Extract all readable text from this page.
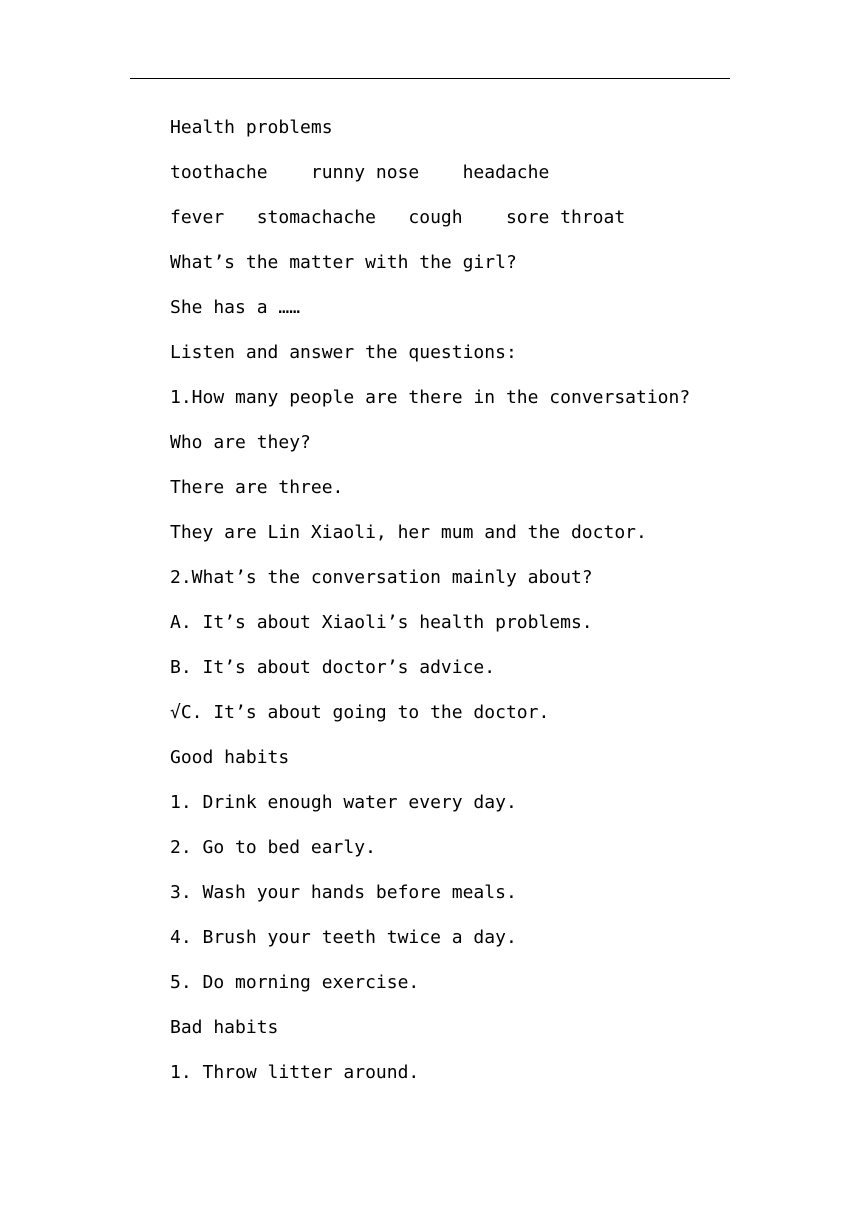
Health problems
toothache    runny nose    headache
fever   stomachache   cough    sore throat
What’s the matter with the girl?
She has a ……
Listen and answer the questions:
1.How many people are there in the conversation?
Who are they?
There are three.
They are Lin Xiaoli, her mum and the doctor.
2.What’s the conversation mainly about?
A. It’s about Xiaoli’s health problems.
B. It’s about doctor’s advice.
√C. It’s about going to the doctor.
Good habits
1. Drink enough water every day.
2. Go to bed early.
3. Wash your hands before meals.
4. Brush your teeth twice a day.
5. Do morning exercise.
Bad habits
1. Throw litter around.
